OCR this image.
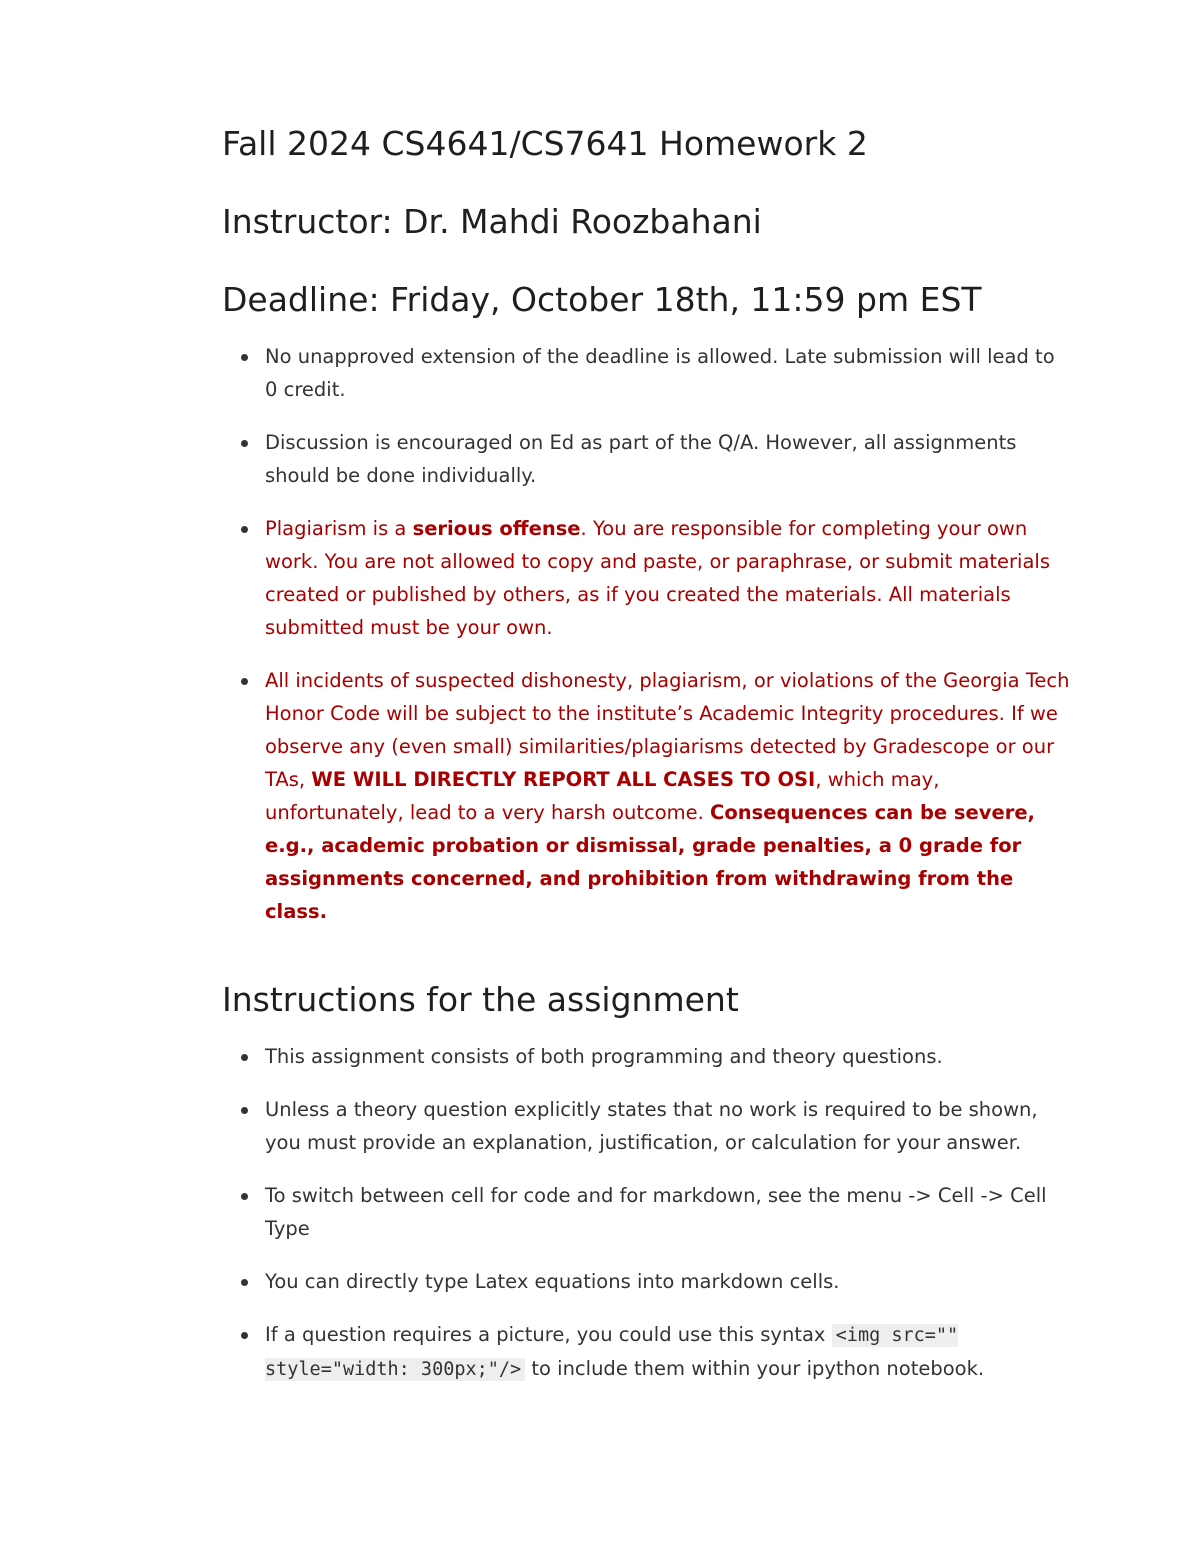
Fall 2024 CS4641/CS7641 Homework 2
Instructor: Dr. Mahdi Roozbahani
Deadline: Friday, October 18th, 11:59 pm EST
No unapproved extension of the deadline is allowed. Late submission will lead to 0 credit.
Discussion is encouraged on Ed as part of the Q/A. However, all assignments should be done individually.
Plagiarism is a serious offense. You are responsible for completing your own work. You are not allowed to copy and paste, or paraphrase, or submit materials created or published by others, as if you created the materials. All materials submitted must be your own.
All incidents of suspected dishonesty, plagiarism, or violations of the Georgia Tech Honor Code will be subject to the institute’s Academic Integrity procedures. If we observe any (even small) similarities/plagiarisms detected by Gradescope or our TAs, WE WILL DIRECTLY REPORT ALL CASES TO OSI, which may, unfortunately, lead to a very harsh outcome. Consequences can be severe, e.g., academic probation or dismissal, grade penalties, a 0 grade for assignments concerned, and prohibition from withdrawing from the class.
Instructions for the assignment
This assignment consists of both programming and theory questions.
Unless a theory question explicitly states that no work is required to be shown, you must provide an explanation, justification, or calculation for your answer.
To switch between cell for code and for markdown, see the menu -> Cell -> Cell Type
You can directly type Latex equations into markdown cells.
If a question requires a picture, you could use this syntax <img src="" style="width: 300px;"/> to include them within your ipython notebook.
